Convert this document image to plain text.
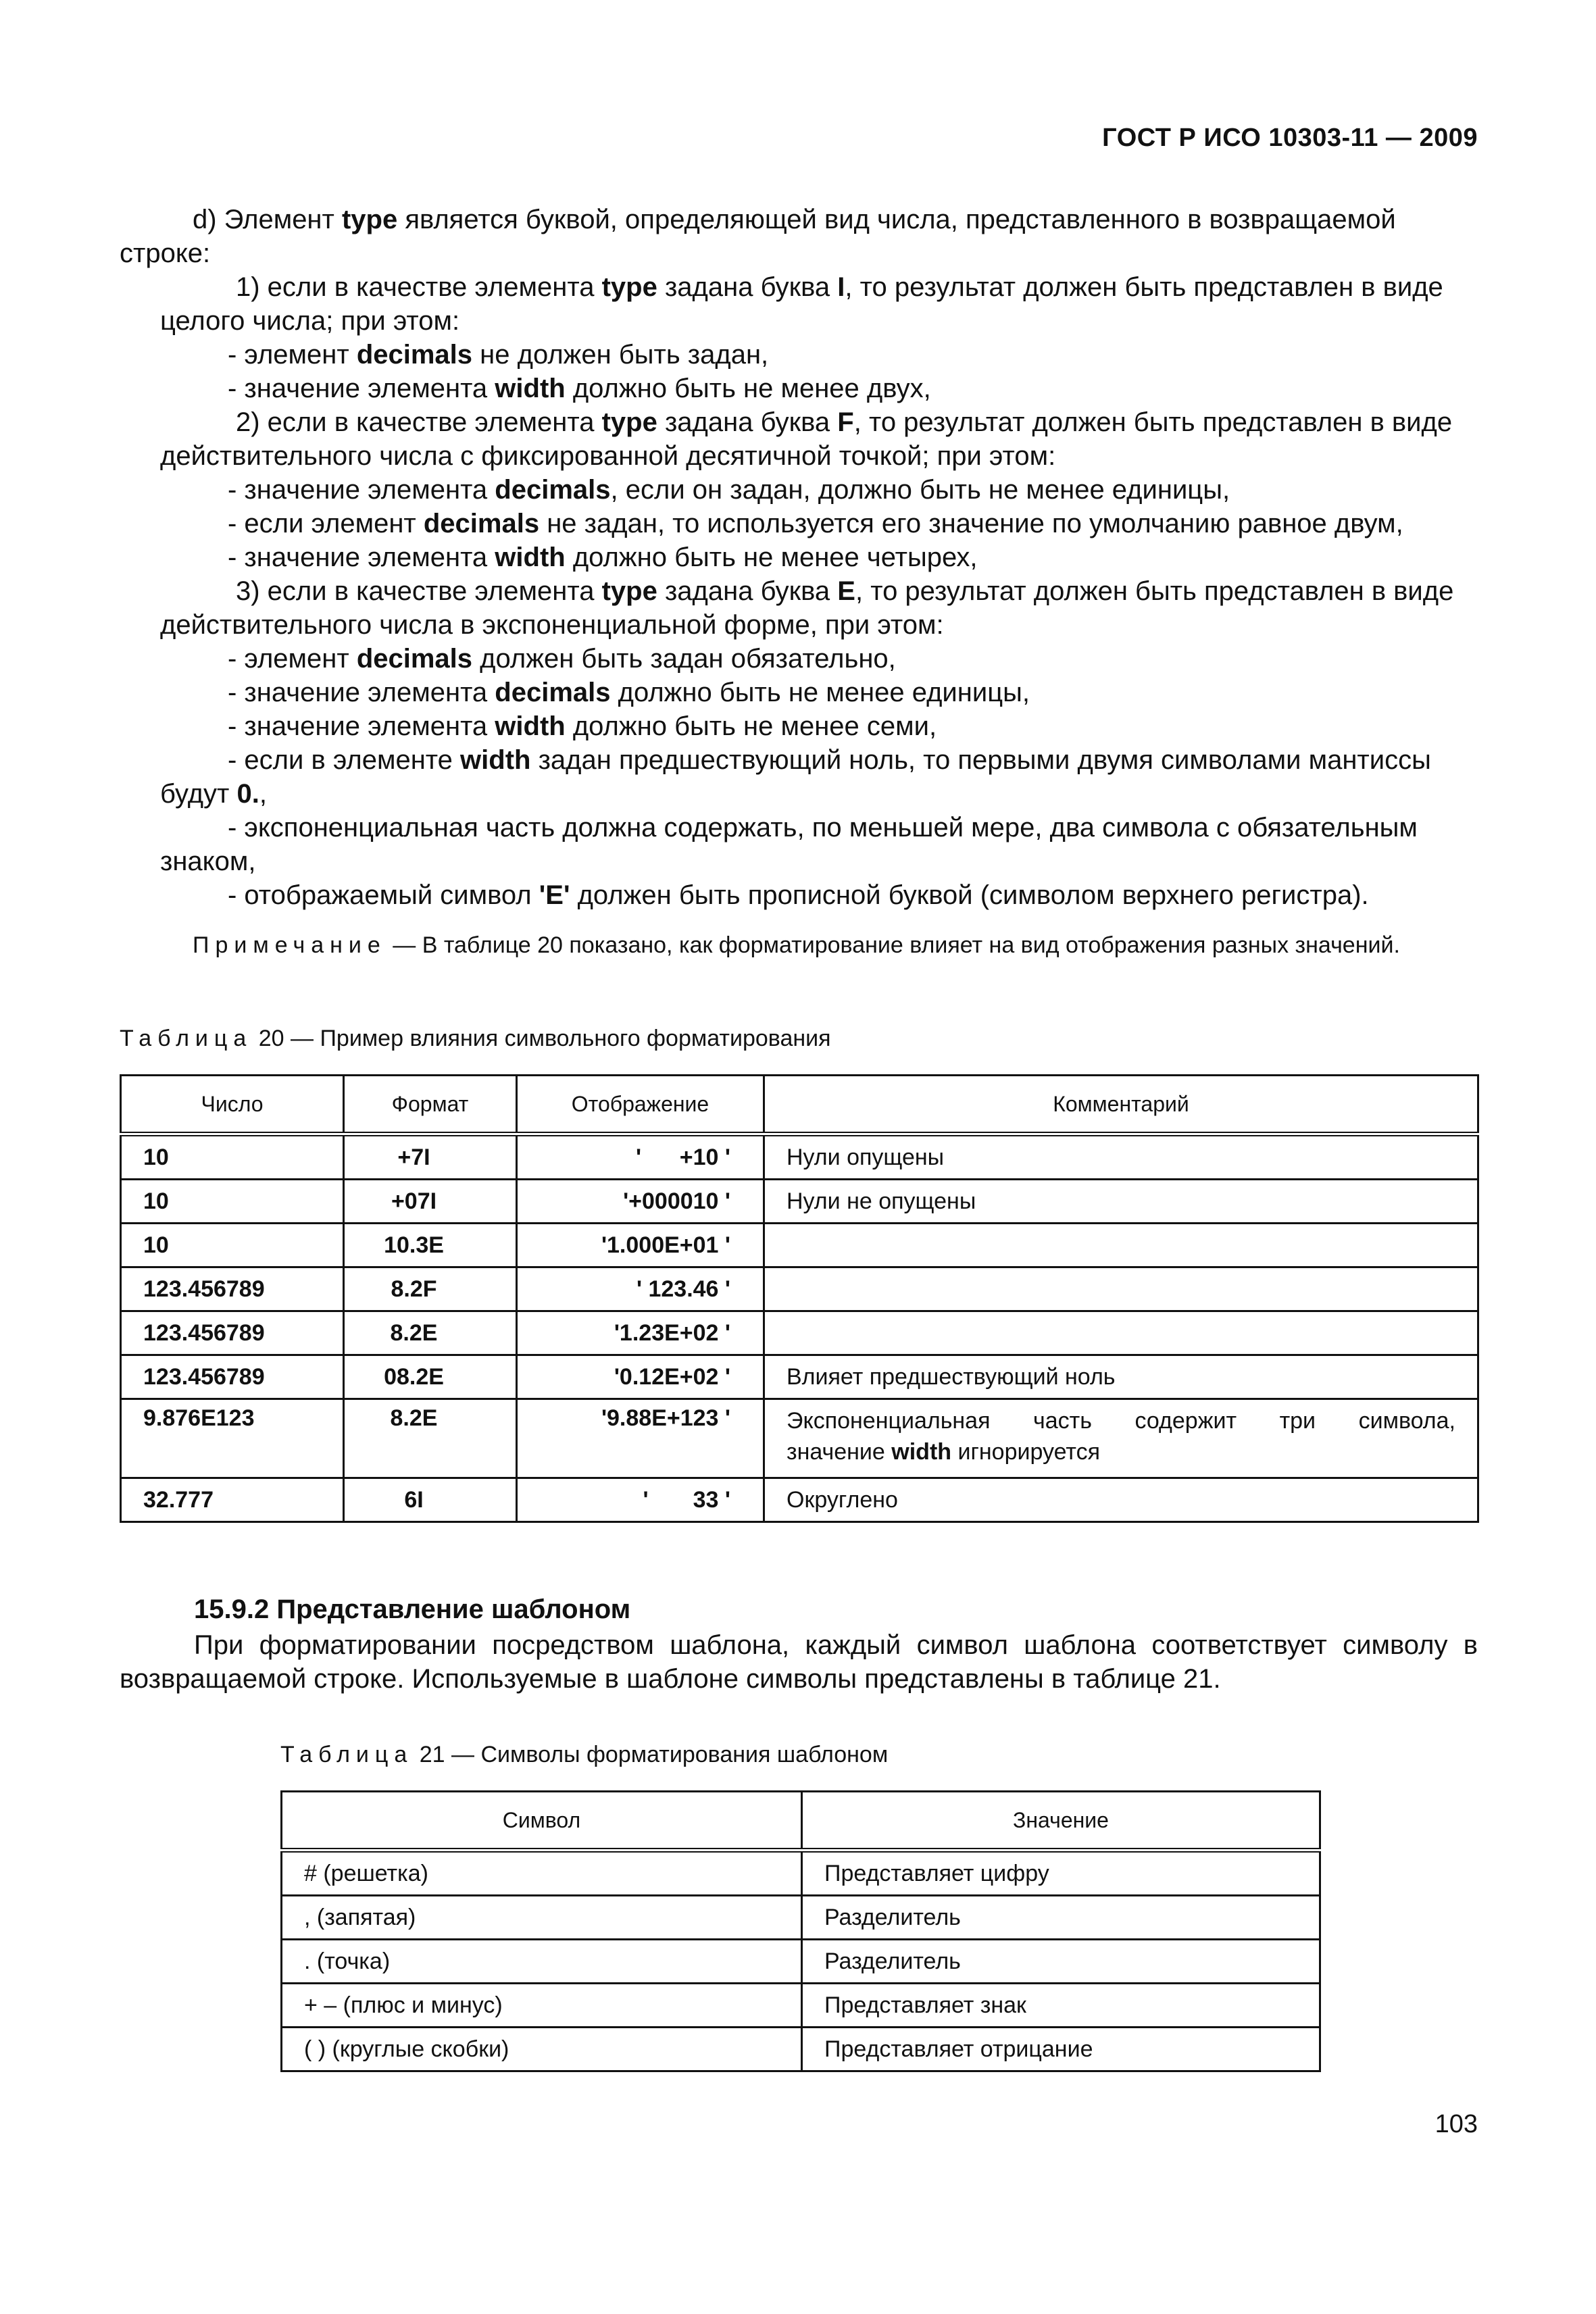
ГОСТ Р ИСО 10303-11 — 2009

d) Элемент type является буквой, определяющей вид числа, представленного в возвращаемой

строке:

1) если в качестве элемента type задана буква I, то результат должен быть представлен в виде

целого числа; при этом:

- элемент decimals не должен быть задан,

- значение элемента width должно быть не менее двух,

2) если в качестве элемента type задана буква F, то результат должен быть представлен в виде

действительного числа с фиксированной десятичной точкой; при этом:

- значение элемента decimals, если он задан, должно быть не менее единицы,

- если элемент decimals не задан, то используется его значение по умолчанию равное двум,

- значение элемента width должно быть не менее четырех,

3) если в качестве элемента type задана буква E, то результат должен быть представлен в виде

действительного числа в экспоненциальной форме, при этом:

- элемент decimals должен быть задан обязательно,

- значение элемента decimals должно быть не менее единицы,

- значение элемента width должно быть не менее семи,

- если в элементе width задан предшествующий ноль, то первыми двумя символами мантиссы

будут 0.,

- экспоненциальная часть должна содержать, по меньшей мере, два символа с обязательным

знаком,

- отображаемый символ 'E' должен быть прописной буквой (символом верхнего регистра).

Примечание — В таблице 20 показано, как форматирование влияет на вид отображения разных значений.
Таблица 20 — Пример влияния символьного форматирования
Число	Формат	Отображение	Комментарий
10	+7I	'      +10 '	Нули опущены
10	+07I	'+000010 '	Нули не опущены
10	10.3E	'1.000E+01 '	
123.456789	8.2F	' 123.46 '	
123.456789	8.2E	'1.23E+02 '	
123.456789	08.2E	'0.12E+02 '	Влияет предшествующий ноль
9.876E123	8.2E	'9.88E+123 '	Экспоненциальная часть содержит три символа,
значение width игнорируется

32.777	6I	'       33 '	Округлено
15.9.2 Представление шаблоном
При форматировании посредством шаблона, каждый символ шаблона соответствует символу в возвращаемой строке. Используемые в шаблоне символы представлены в таблице 21.
Таблица 21 — Символы форматирования шаблоном
Символ	Значение
# (решетка)	Представляет цифру
, (запятая)	Разделитель
. (точка)	Разделитель
+ – (плюс и минус)	Представляет знак
( ) (круглые скобки)	Представляет отрицание
103
